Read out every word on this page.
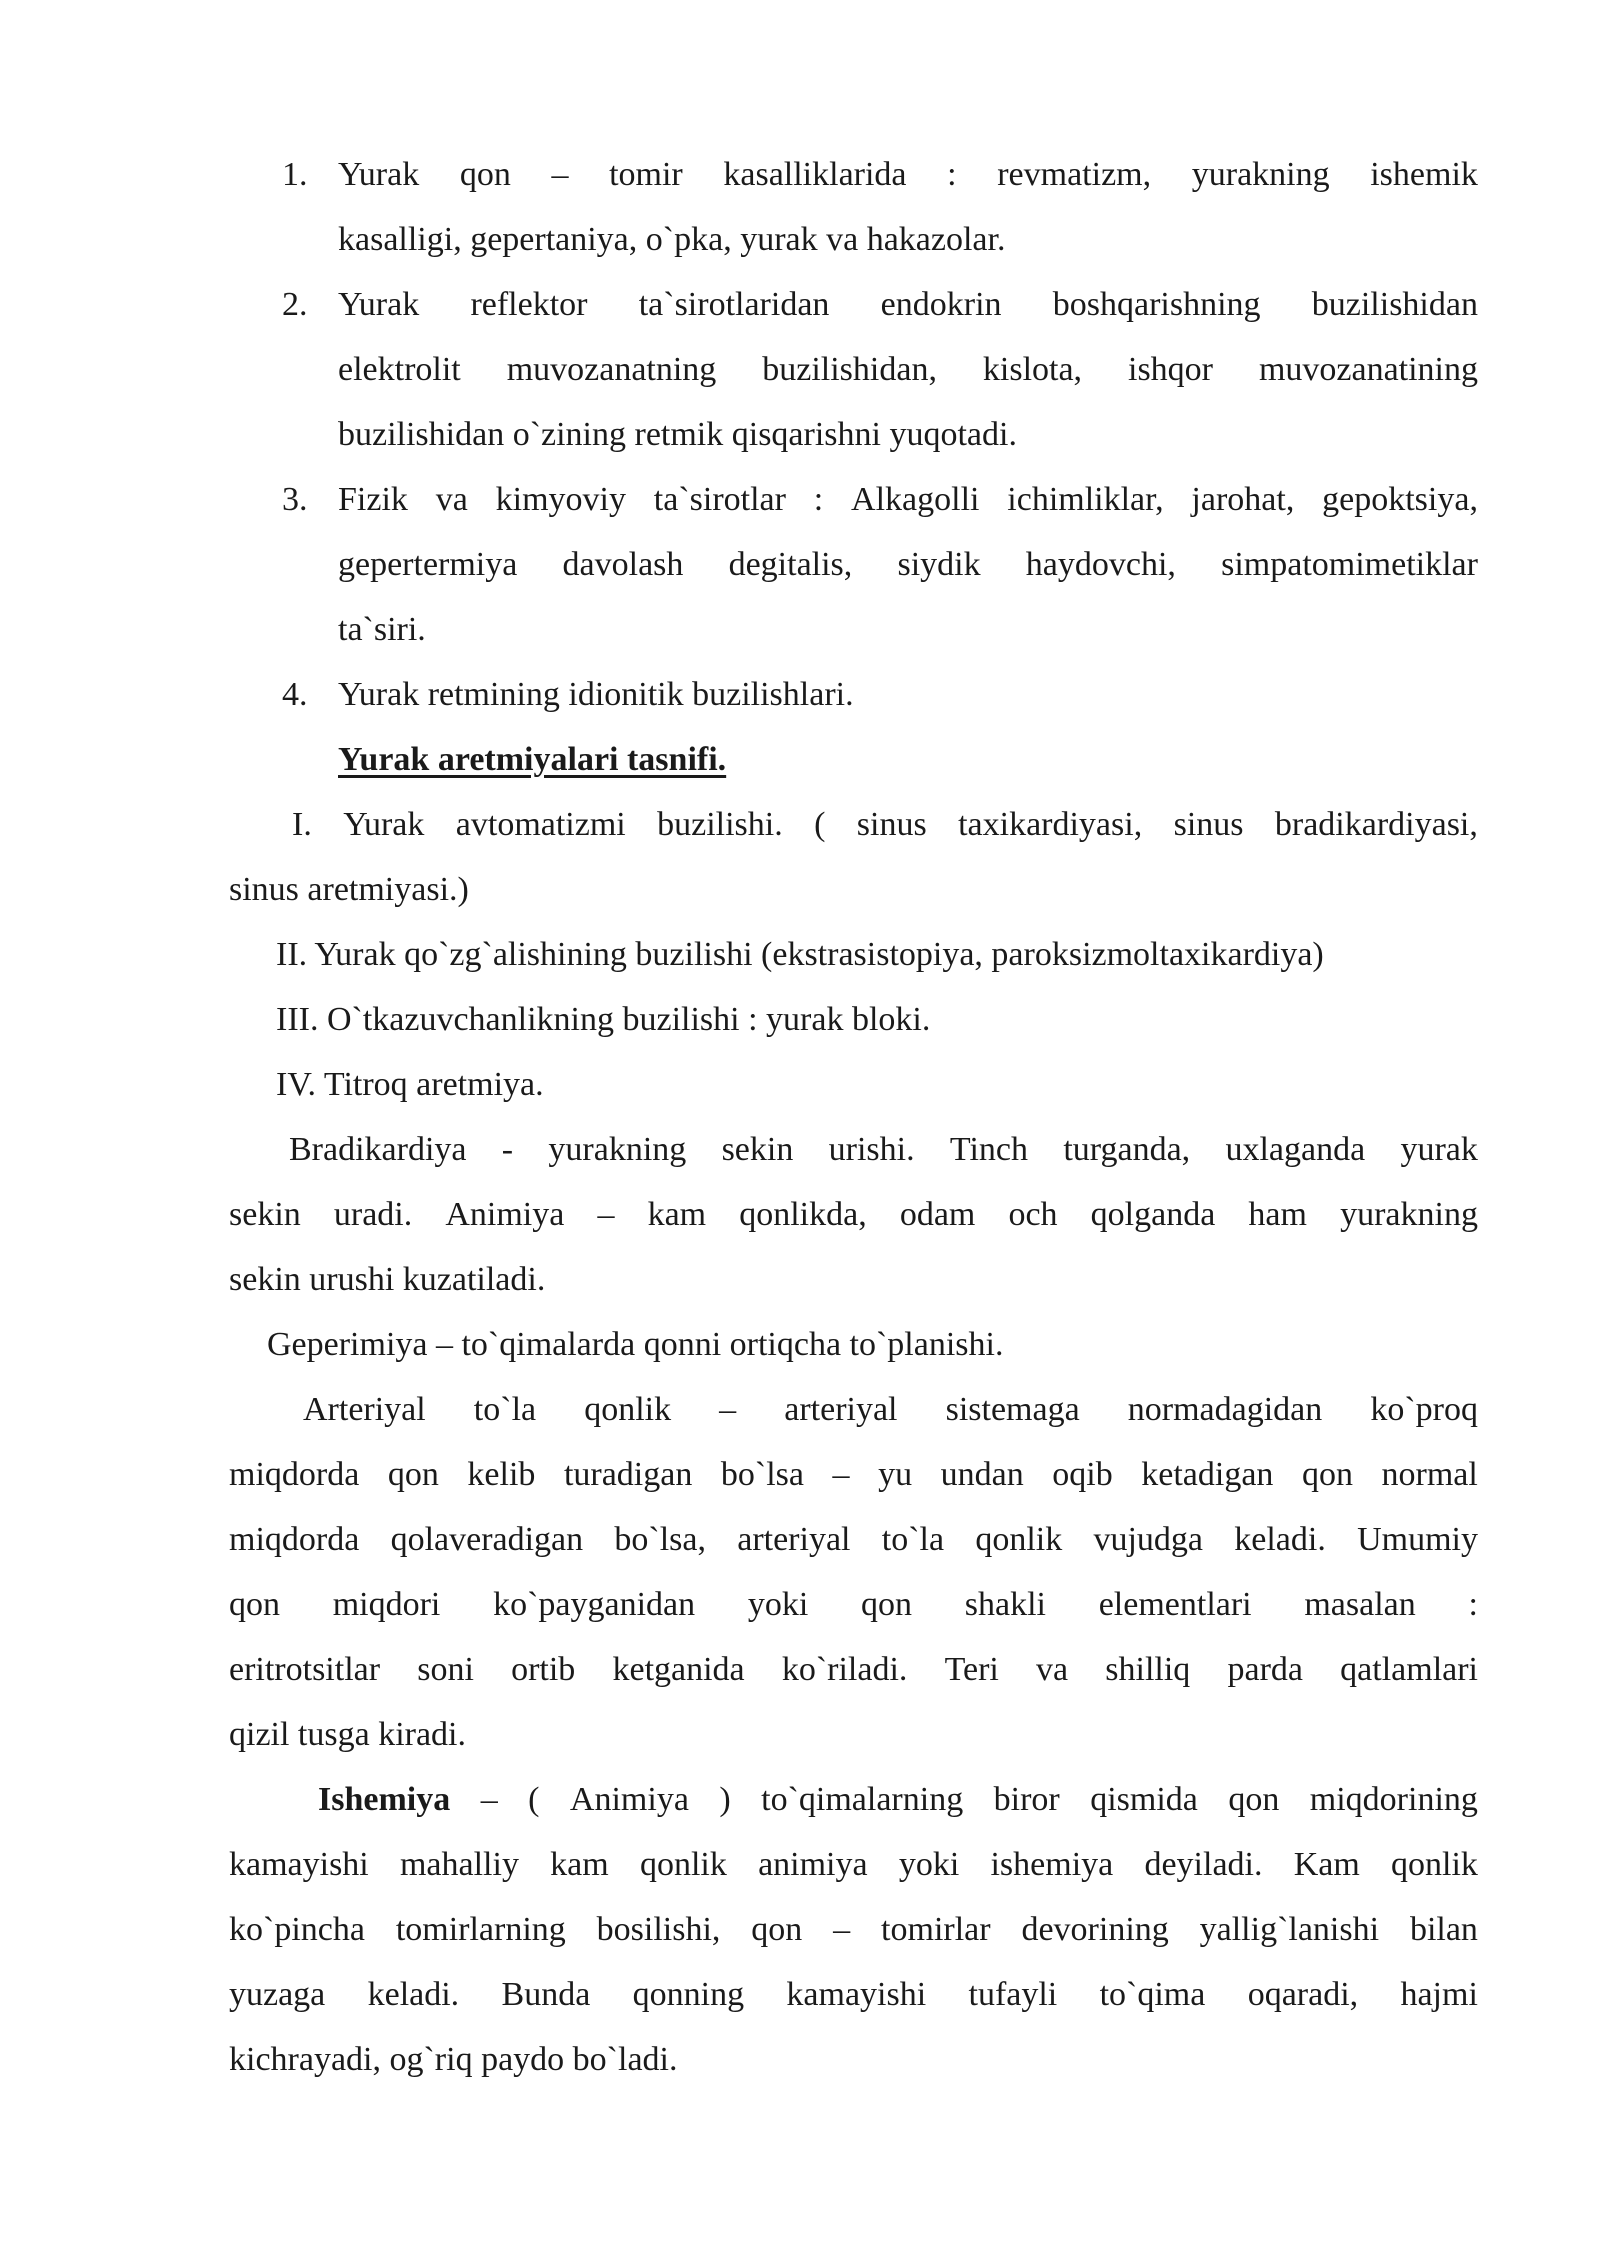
1. Yurak qon – tomir kasalliklarida : revmatizm, yurakning ishemik
kasalligi, gepertaniya, o`pka, yurak va hakazolar.
2. Yurak reflektor ta`sirotlaridan endokrin boshqarishning buzilishidan
elektrolit muvozanatning buzilishidan, kislota, ishqor muvozanatining
buzilishidan o`zining retmik qisqarishni yuqotadi.
3. Fizik va kimyoviy ta`sirotlar : Alkagolli ichimliklar, jarohat, gepoktsiya,
gepertermiya davolash degitalis, siydik haydovchi, simpatomimetiklar
ta`siri.
4. Yurak retmining idionitik buzilishlari.
Yurak aretmiyalari tasnifi.
I. Yurak avtomatizmi buzilishi. ( sinus taxikardiyasi, sinus bradikardiyasi,
sinus aretmiyasi.)
II. Yurak qo`zg`alishining buzilishi (ekstrasistopiya, paroksizmoltaxikardiya)
III. O`tkazuvchanlikning buzilishi : yurak bloki.
IV. Titroq aretmiya.
Bradikardiya - yurakning sekin urishi. Tinch turganda, uxlaganda yurak
sekin uradi. Animiya – kam qonlikda, odam och qolganda ham yurakning
sekin urushi kuzatiladi.
Geperimiya – to`qimalarda qonni ortiqcha to`planishi.
Arteriyal to`la qonlik – arteriyal sistemaga normadagidan ko`proq
miqdorda qon kelib turadigan bo`lsa – yu undan oqib ketadigan qon normal
miqdorda qolaveradigan bo`lsa, arteriyal to`la qonlik vujudga keladi. Umumiy
qon miqdori ko`payganidan yoki qon shakli elementlari masalan :
eritrotsitlar soni ortib ketganida ko`riladi. Teri va shilliq parda qatlamlari
qizil tusga kiradi.
Ishemiya – ( Animiya ) to`qimalarning biror qismida qon miqdorining
kamayishi mahalliy kam qonlik animiya yoki ishemiya deyiladi. Kam qonlik
ko`pincha tomirlarning bosilishi, qon – tomirlar devorining yallig`lanishi bilan
yuzaga keladi. Bunda qonning kamayishi tufayli to`qima oqaradi, hajmi
kichrayadi, og`riq paydo bo`ladi.
